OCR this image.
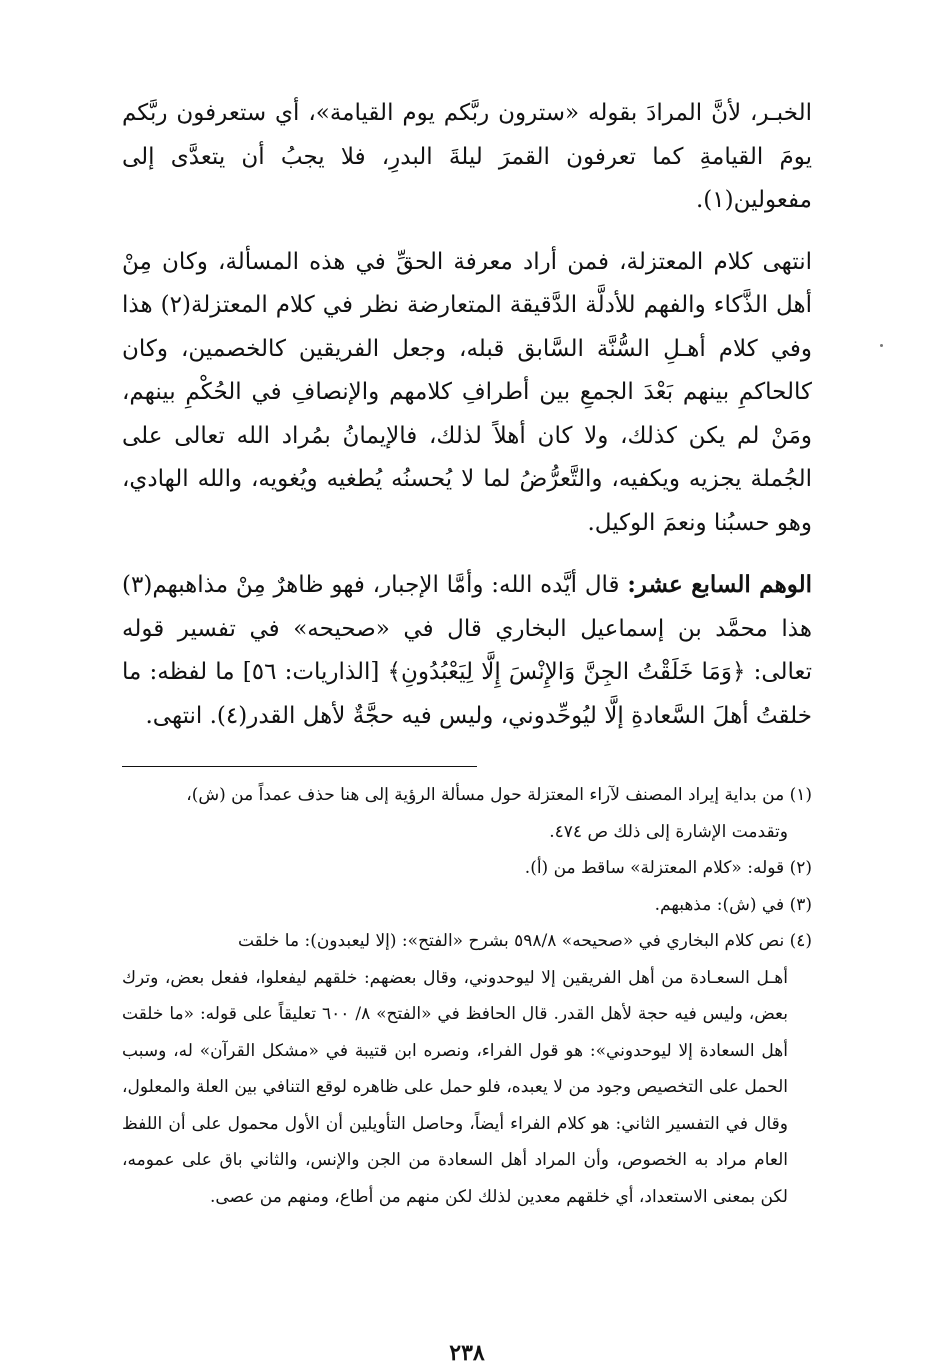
الخبـر، لأنَّ المرادَ بقوله «سترون ربَّكم يوم القيامة»، أي ستعرفون ربَّكم يومَ القيامةِ كما تعرفون القمرَ ليلةَ البدرِ، فلا يجبُ أن يتعدَّى إلى مفعولين(١).

انتهى كلام المعتزلة، فمن أراد معرفة الحقِّ في هذه المسألة، وكان مِنْ أهل الذَّكاء والفهم للأدلَّة الدَّقيقة المتعارضة نظر في كلام المعتزلة(٢) هذا وفي كلام أهـلِ السُّنَّة السَّابق قبله، وجعل الفريقين كالخصمين، وكان كالحاكمِ بينهم بَعْدَ الجمعِ بين أطرافِ كلامهم والإنصافِ في الحُكْمِ بينهم، ومَنْ لم يكن كذلك، ولا كان أهلاً لذلك، فالإيمانُ بمُراد الله تعالى على الجُملة يجزيه ويكفيه، والتَّعرُّضُ لما لا يُحسنُه يُطغيه ويُغويه، والله الهادي، وهو حسبُنا ونعمَ الوكيل.

الوهم السابع عشر: قال أيَّده الله: وأمَّا الإجبار، فهو ظاهرٌ مِنْ مذاهبهم(٣) هذا محمَّد بن إسماعيل البخاري قال في «صحيحه» في تفسير قوله تعالى: ﴿وَمَا خَلَقْتُ الجِنَّ وَالإِنْسَ إِلَّا لِيَعْبُدُونِ﴾ [الذاريات: ٥٦] ما لفظه: ما خلقتُ أهلَ السَّعادةِ إلَّا ليُوحِّدوني، وليس فيه حجَّةٌ لأهل القدر(٤). انتهى.

(١) من بداية إيراد المصنف لآراء المعتزلة حول مسألة الرؤية إلى هنا حذف عمداً من (ش)،

وتقدمت الإشارة إلى ذلك ص ٤٧٤.

(٢) قوله: «كلام المعتزلة» ساقط من (أ).

(٣) في (ش): مذهبهم.

(٤) نص كلام البخاري في «صحيحه» ٥٩٨/٨ بشرح «الفتح»: (إلا ليعبدون): ما خلقت

أهـل السعـادة من أهل الفريقين إلا ليوحدوني، وقال بعضهم: خلقهم ليفعلوا، ففعل بعض، وترك بعض، وليس فيه حجة لأهل القدر. قال الحافظ في «الفتح» ٨/ ٦٠٠ تعليقاً على قوله: «ما خلقت أهل السعادة إلا ليوحدوني»: هو قول الفراء، ونصره ابن قتيبة في «مشكل القرآن» له، وسبب الحمل على التخصيص وجود من لا يعبده، فلو حمل على ظاهره لوقع التنافي بين العلة والمعلول، وقال في التفسير الثاني: هو كلام الفراء أيضاً، وحاصل التأويلين أن الأول محمول على أن اللفظ العام مراد به الخصوص، وأن المراد أهل السعادة من الجن والإنس، والثاني باق على عمومه، لكن بمعنى الاستعداد، أي خلقهم معدين لذلك لكن منهم من أطاع، ومنهم من عصى.

٢٣٨
